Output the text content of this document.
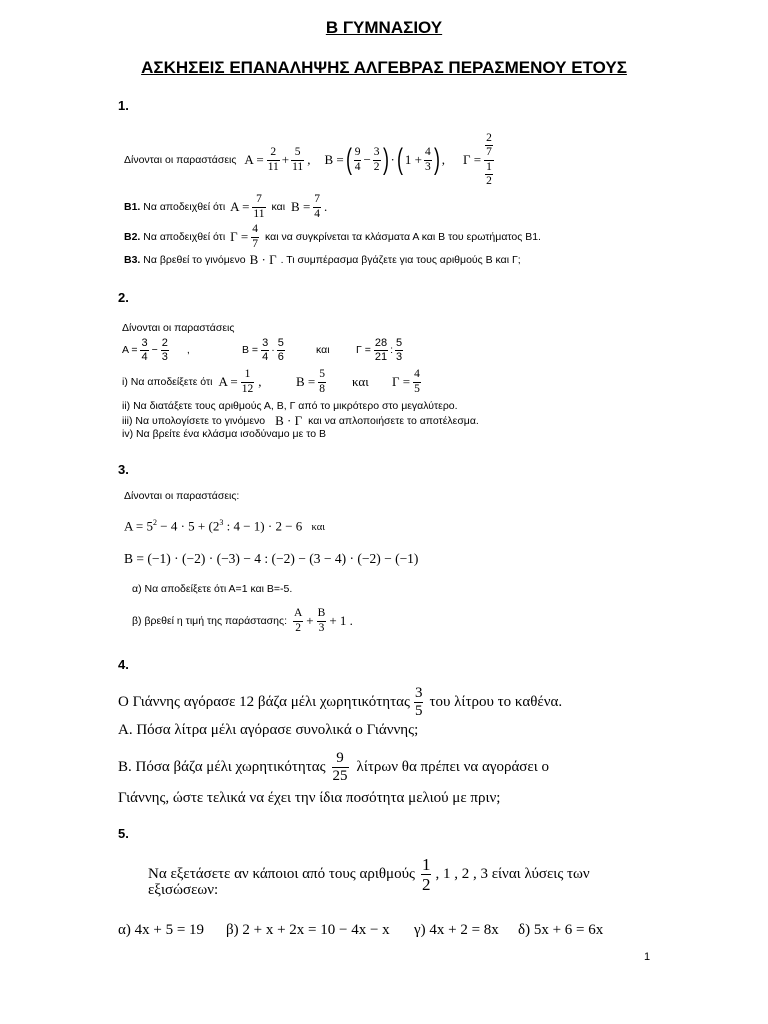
Β ΓΥΜΝΑΣΙΟΥ
ΑΣΚΗΣΕΙΣ ΕΠΑΝΑΛΗΨΗΣ ΑΛΓΕΒΡΑΣ ΠΕΡΑΣΜΕΝΟΥ ΕΤΟΥΣ
1.
Δίνονται οι παραστάσεις $A = \frac{2}{11} + \frac{5}{11}$ , Β = ( $\frac{9}{4} - \frac{3}{2}$ ) · ( $1 + \frac{4}{3}$ ) , $\Gamma = \frac{\frac{2}{7}}{\frac{1}{2}}$
Β1. Να αποδειχθεί ότι $A = \frac{7}{11}$ και $B = \frac{7}{4}$ .
Β2. Να αποδειχθεί ότι $\Gamma = \frac{4}{7}$ και να συγκρίνεται τα κλάσματα Α και Β του ερωτήματος Β1.
Β3. Να βρεθεί το γινόμενο Β · Γ . Τι συμπέρασμα βγάζετε για τους αριθμούς Β και Γ;
2.
Δίνονται οι παραστάσεις
$A = \frac{3}{4} - \frac{2}{3}$ ,	$B = \frac{3}{4} \cdot \frac{5}{6}$	και	$\Gamma = \frac{28}{21}$ : $\frac{5}{3}$
i) Να αποδείξετε ότι $A = \frac{1}{12}$ ,	$B = \frac{5}{8}$ και $\Gamma = \frac{4}{5}$
ii) Να διατάξετε τους αριθμούς Α, Β, Γ από το μικρότερο στο μεγαλύτερο.
iii) Να υπολογίσετε το γινόμενο Β · Γ και να απλοποιήσετε το αποτέλεσμα.
iv) Να βρείτε ένα κλάσμα ισοδύναμο με το Β
3.
Δίνονται οι παραστάσεις:
$A = 5^2 - 4 \cdot 5 + (2^3$ : 4 − 1) · 2 − 6 και
Β = (−1) · (−2) · (−3) − 4 : (−2) − (3 − 4) · (−2) − (−1)
α) Να αποδείξετε ότι Α=1 και Β=-5.
β) βρεθεί η τιμή της παράστασης: $\frac{A}{2} + \frac{B}{3} + 1$ .
4.
Ο Γιάννης αγόρασε 12 βάζα μέλι χωρητικότητας $\frac{3}{5}$ του λίτρου το καθένα.
Α. Πόσα λίτρα μέλι αγόρασε συνολικά ο Γιάννης;
Β. Πόσα βάζα μέλι χωρητικότητας $\frac{9}{25}$ λίτρων θα πρέπει να αγοράσει ο
Γιάννης, ώστε τελικά να έχει την ίδια ποσότητα μελιού με πριν;
5.
Να εξετάσετε αν κάποιοι από τους αριθμούς $\frac{1}{2}$ , 1 , 2 , 3 είναι λύσεις των
εξισώσεων:
α) 4x + 5 = 19 β) 2 + x + 2x = 10 − 4x − x γ) 4x + 2 = 8x δ) 5x + 6 = 6x
1
